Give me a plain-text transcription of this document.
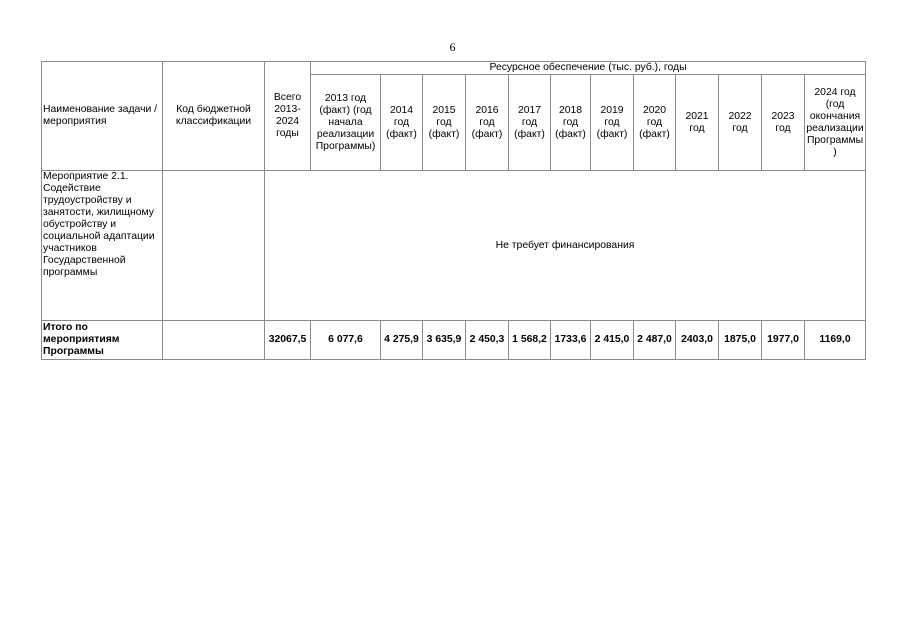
6
Наименование задачи / мероприятия	Код бюджетной классификации	Всего 2013-2024 годы	Ресурсное обеспечение (тыс. руб.), годы											
			2013 год (факт) (год начала реализации Программы)	2014 год (факт)	2015 год (факт)	2016 год (факт)	2017 год (факт)	2018 год (факт)	2019 год (факт)	2020 год (факт)	2021 год	2022 год	2023 год	2024 год (год окончания реализации Программы)
Мероприятие 2.1. Содействие трудоустройству и занятости, жилищному обустройству и социальной адаптации участников Государственной программы		Не требует финансирования												
Итого по мероприятиям Программы		32067,5	6 077,6	4 275,9	3 635,9	2 450,3	1 568,2	1733,6	2 415,0	2 487,0	2403,0	1875,0	1977,0	1169,0
